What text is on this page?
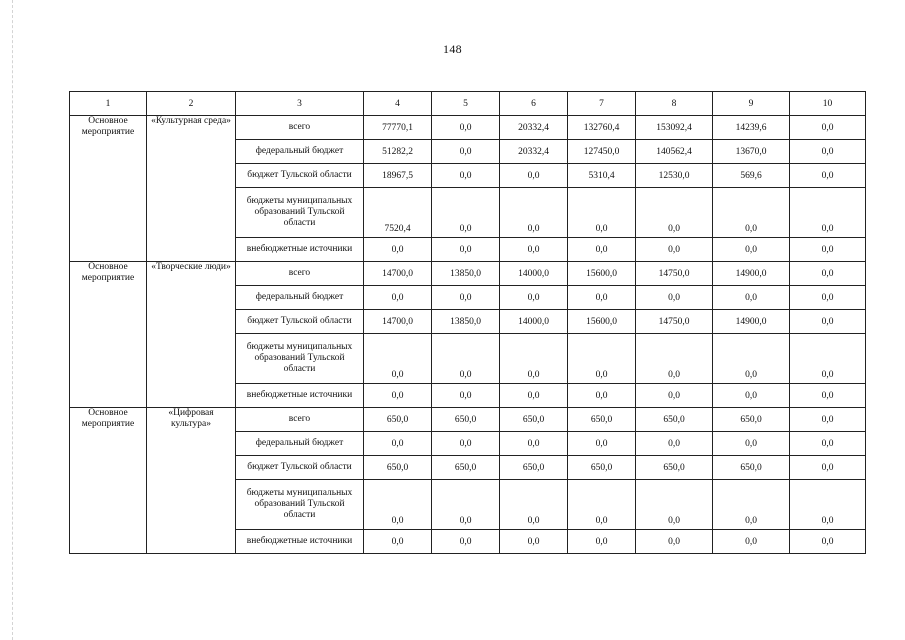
148
1	2	3	4	5	6	7	8	9	10
Основное мероприятие	«Культурная среда»	всего	77770,1	0,0	20332,4	132760,4	153092,4	14239,6	0,0
		федеральный бюджет	51282,2	0,0	20332,4	127450,0	140562,4	13670,0	0,0
		бюджет Тульской области	18967,5	0,0	0,0	5310,4	12530,0	569,6	0,0
		бюджеты муниципальных образований Тульской области	7520,4	0,0	0,0	0,0	0,0	0,0	0,0
		внебюджетные источники	0,0	0,0	0,0	0,0	0,0	0,0	0,0
Основное мероприятие	«Творческие люди»	всего	14700,0	13850,0	14000,0	15600,0	14750,0	14900,0	0,0
		федеральный бюджет	0,0	0,0	0,0	0,0	0,0	0,0	0,0
		бюджет Тульской области	14700,0	13850,0	14000,0	15600,0	14750,0	14900,0	0,0
		бюджеты муниципальных образований Тульской области	0,0	0,0	0,0	0,0	0,0	0,0	0,0
		внебюджетные источники	0,0	0,0	0,0	0,0	0,0	0,0	0,0
Основное мероприятие	«Цифровая культура»	всего	650,0	650,0	650,0	650,0	650,0	650,0	0,0
		федеральный бюджет	0,0	0,0	0,0	0,0	0,0	0,0	0,0
		бюджет Тульской области	650,0	650,0	650,0	650,0	650,0	650,0	0,0
		бюджеты муниципальных образований Тульской области	0,0	0,0	0,0	0,0	0,0	0,0	0,0
		внебюджетные источники	0,0	0,0	0,0	0,0	0,0	0,0	0,0
